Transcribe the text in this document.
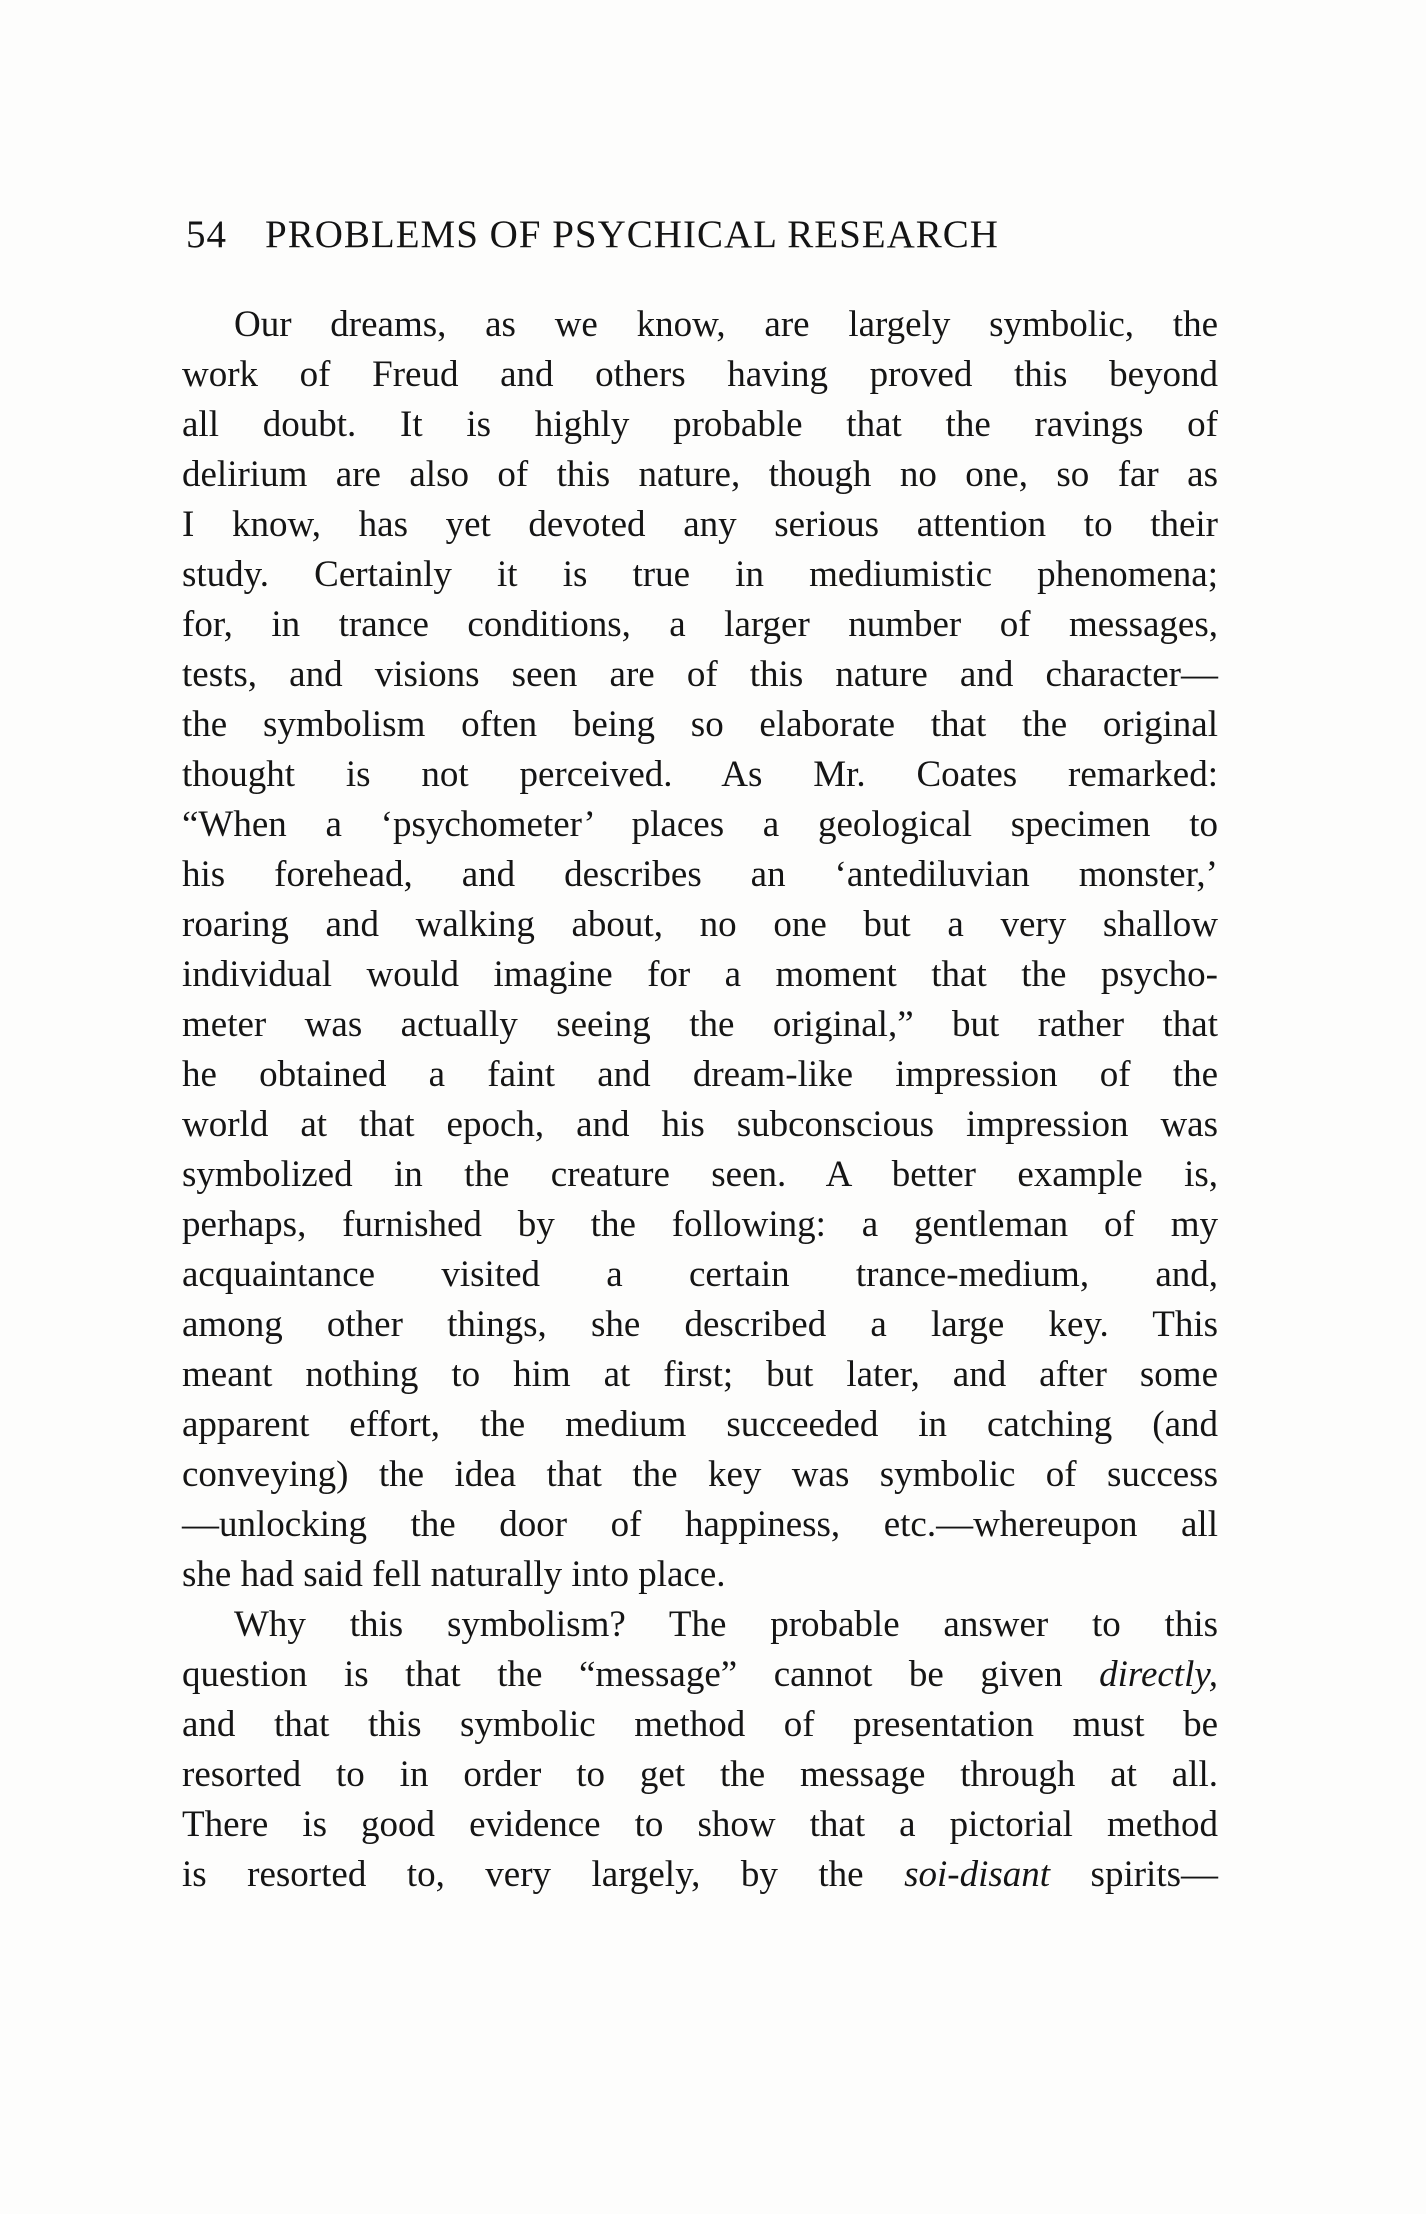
54 PROBLEMS OF PSYCHICAL RESEARCH
Our dreams, as we know, are largely symbolic, the
work of Freud and others having proved this beyond
all doubt. It is highly probable that the ravings of
delirium are also of this nature, though no one, so far as
I know, has yet devoted any serious attention to their
study. Certainly it is true in mediumistic phenomena;
for, in trance conditions, a larger number of messages,
tests, and visions seen are of this nature and character—
the symbolism often being so elaborate that the original
thought is not perceived. As Mr. Coates remarked:
“When a ‘psychometer’ places a geological specimen to
his forehead, and describes an ‘antediluvian monster,’
roaring and walking about, no one but a very shallow
individual would imagine for a moment that the psycho-
meter was actually seeing the original,” but rather that
he obtained a faint and dream-like impression of the
world at that epoch, and his subconscious impression was
symbolized in the creature seen. A better example is,
perhaps, furnished by the following: a gentleman of my
acquaintance visited a certain trance-medium, and,
among other things, she described a large key. This
meant nothing to him at first; but later, and after some
apparent effort, the medium succeeded in catching (and
conveying) the idea that the key was symbolic of success
—unlocking the door of happiness, etc.—whereupon all
she had said fell naturally into place.
Why this symbolism? The probable answer to this
question is that the “message” cannot be given directly,
and that this symbolic method of presentation must be
resorted to in order to get the message through at all.
There is good evidence to show that a pictorial method
is resorted to, very largely, by the soi-disant spirits—
